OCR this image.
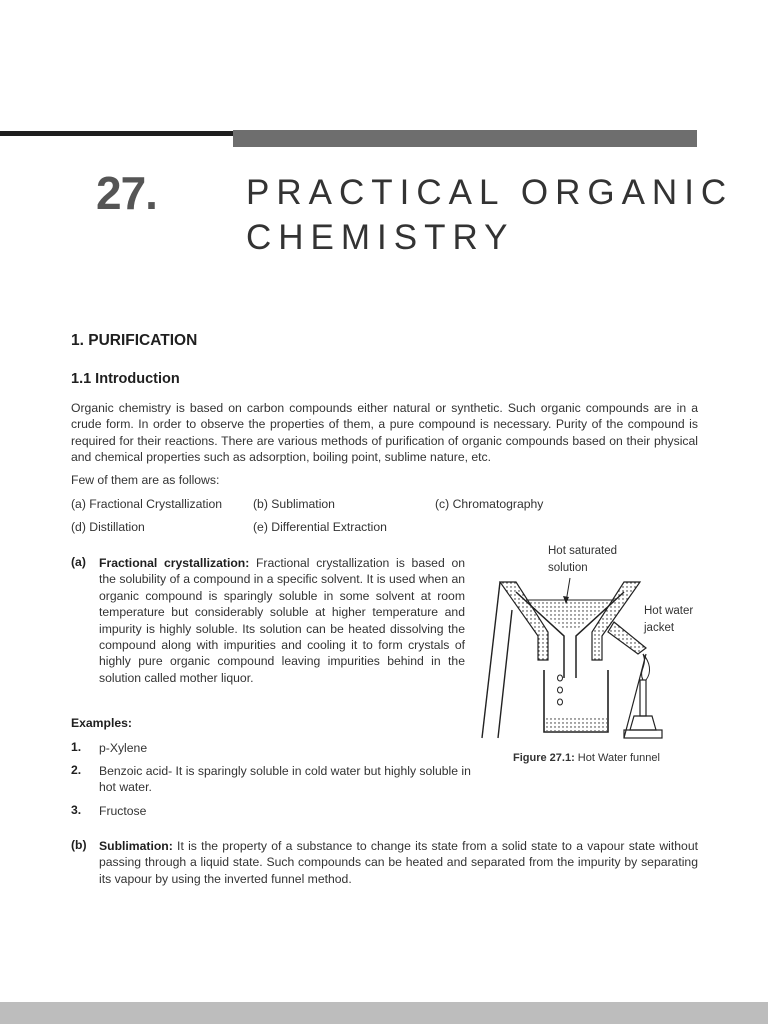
27.	PRACTICAL ORGANIC
CHEMISTRY
1. PURIFICATION
1.1 Introduction
Organic chemistry is based on carbon compounds either natural or synthetic. Such organic compounds are in a crude form. In order to observe the properties of them, a pure compound is necessary. Purity of the compound is required for their reactions. There are various methods of purification of organic compounds based on their physical and chemical properties such as adsorption, boiling point, sublime nature, etc.
Few of them are as follows:
(a) Fractional Crystallization	(b) Sublimation	(c) Chromatography
(d) Distillation	(e) Differential Extraction
(a) Fractional crystallization: Fractional crystallization is based on the solubility of a compound in a specific solvent. It is used when an organic compound is sparingly soluble in some solvent at room temperature but considerably soluble at higher temperature and impurity is highly soluble. Its solution can be heated dissolving the compound along with impurities and cooling it to form crystals of highly pure organic compound leaving impurities behind in the solution called mother liquor.
Examples:
1. p-Xylene
2. Benzoic acid- It is sparingly soluble in cold water but highly soluble in hot water.
3. Fructose
Hot saturated
solution
Hot water
jacket
Figure 27.1: Hot Water funnel
(b) Sublimation: It is the property of a substance to change its state from a solid state to a vapour state without passing through a liquid state. Such compounds can be heated and separated from the impurity by separating its vapour by using the inverted funnel method.
